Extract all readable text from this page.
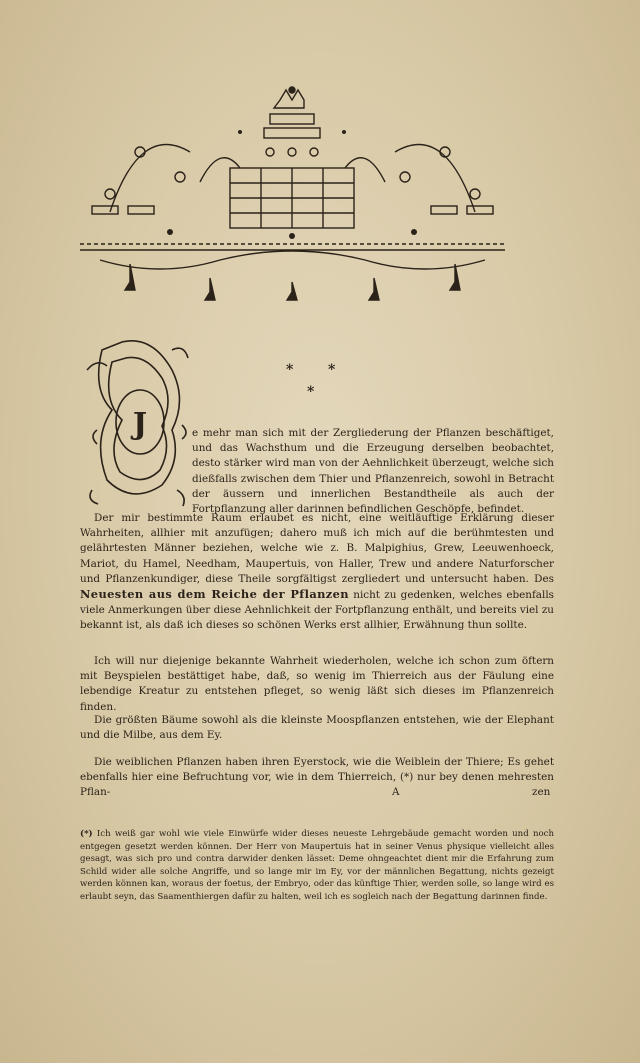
J
* *
*

e mehr man sich mit der Zergliederung der Pflanzen beschäftiget, und das Wachsthum und die Erzeugung derselben beobachtet, desto stärker wird man von der Aehnlichkeit überzeugt, welche sich dießfalls zwischen dem Thier und Pflanzenreich, sowohl in Betracht der äussern und innerlichen Bestandtheile als auch der Fortpflanzung aller darinnen befindlichen Geschöpfe, befindet.

Der mir bestimmte Raum erlaubet es nicht, eine weitläuftige Erklärung dieser Wahrheiten, allhier mit anzufügen; dahero muß ich mich auf die berühmtesten und gelährtesten Männer beziehen, welche wie z. B. Malpighius, Grew, Leeuwenhoeck, Mariot, du Hamel, Needham, Maupertuis, von Haller, Trew und andere Naturforscher und Pflanzenkundiger, diese Theile sorgfältigst zergliedert und untersucht haben. Des Neuesten aus dem Reiche der Pflanzen nicht zu gedenken, welches ebenfalls viele Anmerkungen über diese Aehnlichkeit der Fortpflanzung enthält, und bereits viel zu bekannt ist, als daß ich dieses so schönen Werks erst allhier, Erwähnung thun sollte.

Ich will nur diejenige bekannte Wahrheit wiederholen, welche ich schon zum öftern mit Beyspielen bestättiget habe, daß, so wenig im Thierreich aus der Fäulung eine lebendige Kreatur zu entstehen pfleget, so wenig läßt sich dieses im Pflanzenreich finden.

Die größten Bäume sowohl als die kleinste Moospflanzen entstehen, wie der Elephant und die Milbe, aus dem Ey.

Die weiblichen Pflanzen haben ihren Eyerstock, wie die Weiblein der Thiere; Es gehet ebenfalls hier eine Befruchtung vor, wie in dem Thierreich, (*) nur bey denen mehresten Pflan-	A	zen
(*) Ich weiß gar wohl wie viele Einwürfe wider dieses neueste Lehrgebäude gemacht worden und noch entgegen gesetzt werden können. Der Herr von Maupertuis hat in seiner Venus physique vielleicht alles gesagt, was sich pro und contra darwider denken lässet: Deme ohngeachtet dient mir die Erfahrung zum Schild wider alle solche Angriffe, und so lange mir im Ey, vor der männlichen Begattung, nichts gezeigt werden können kan, woraus der foetus, der Embryo, oder das künftige Thier, werden solle, so lange wird es erlaubt seyn, das Saamenthiergen dafür zu halten, weil ich es sogleich nach der Begattung darinnen finde.
